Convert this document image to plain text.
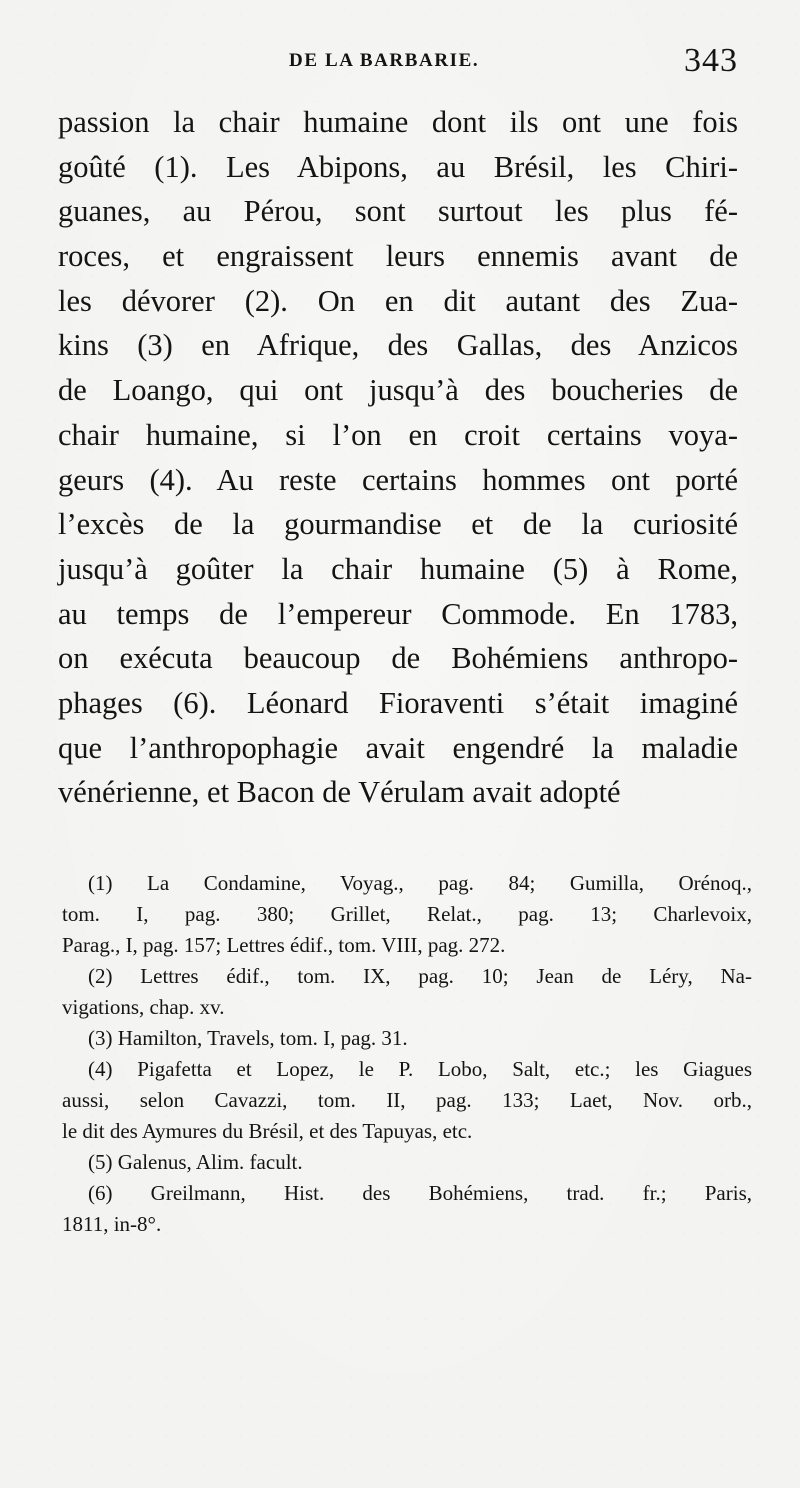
DE LA BARBARIE.	343
passion la chair humaine dont ils ont une fois
goûté (1). Les Abipons, au Brésil, les Chiri-
guanes, au Pérou, sont surtout les plus fé-
roces, et engraissent leurs ennemis avant de
les dévorer (2). On en dit autant des Zua-
kins (3) en Afrique, des Gallas, des Anzicos
de Loango, qui ont jusqu’à des boucheries de
chair humaine, si l’on en croit certains voya-
geurs (4). Au reste certains hommes ont porté
l’excès de la gourmandise et de la curiosité
jusqu’à goûter la chair humaine (5) à Rome,
au temps de l’empereur Commode. En 1783,
on exécuta beaucoup de Bohémiens anthropo-
phages (6). Léonard Fioraventi s’était imaginé
que l’anthropophagie avait engendré la maladie
vénérienne, et Bacon de Vérulam avait adopté
(1) La Condamine, Voyag., pag. 84; Gumilla, Orénoq.,
tom. I, pag. 380; Grillet, Relat., pag. 13; Charlevoix,
Parag., I, pag. 157; Lettres édif., tom. VIII, pag. 272.
(2) Lettres édif., tom. IX, pag. 10; Jean de Léry, Na-
vigations, chap. xv.
(3) Hamilton, Travels, tom. I, pag. 31.
(4) Pigafetta et Lopez, le P. Lobo, Salt, etc.; les Giagues
aussi, selon Cavazzi, tom. II, pag. 133; Laet, Nov. orb.,
le dit des Aymures du Brésil, et des Tapuyas, etc.
(5) Galenus, Alim. facult.
(6) Greilmann, Hist. des Bohémiens, trad. fr.; Paris,
1811, in-8°.
